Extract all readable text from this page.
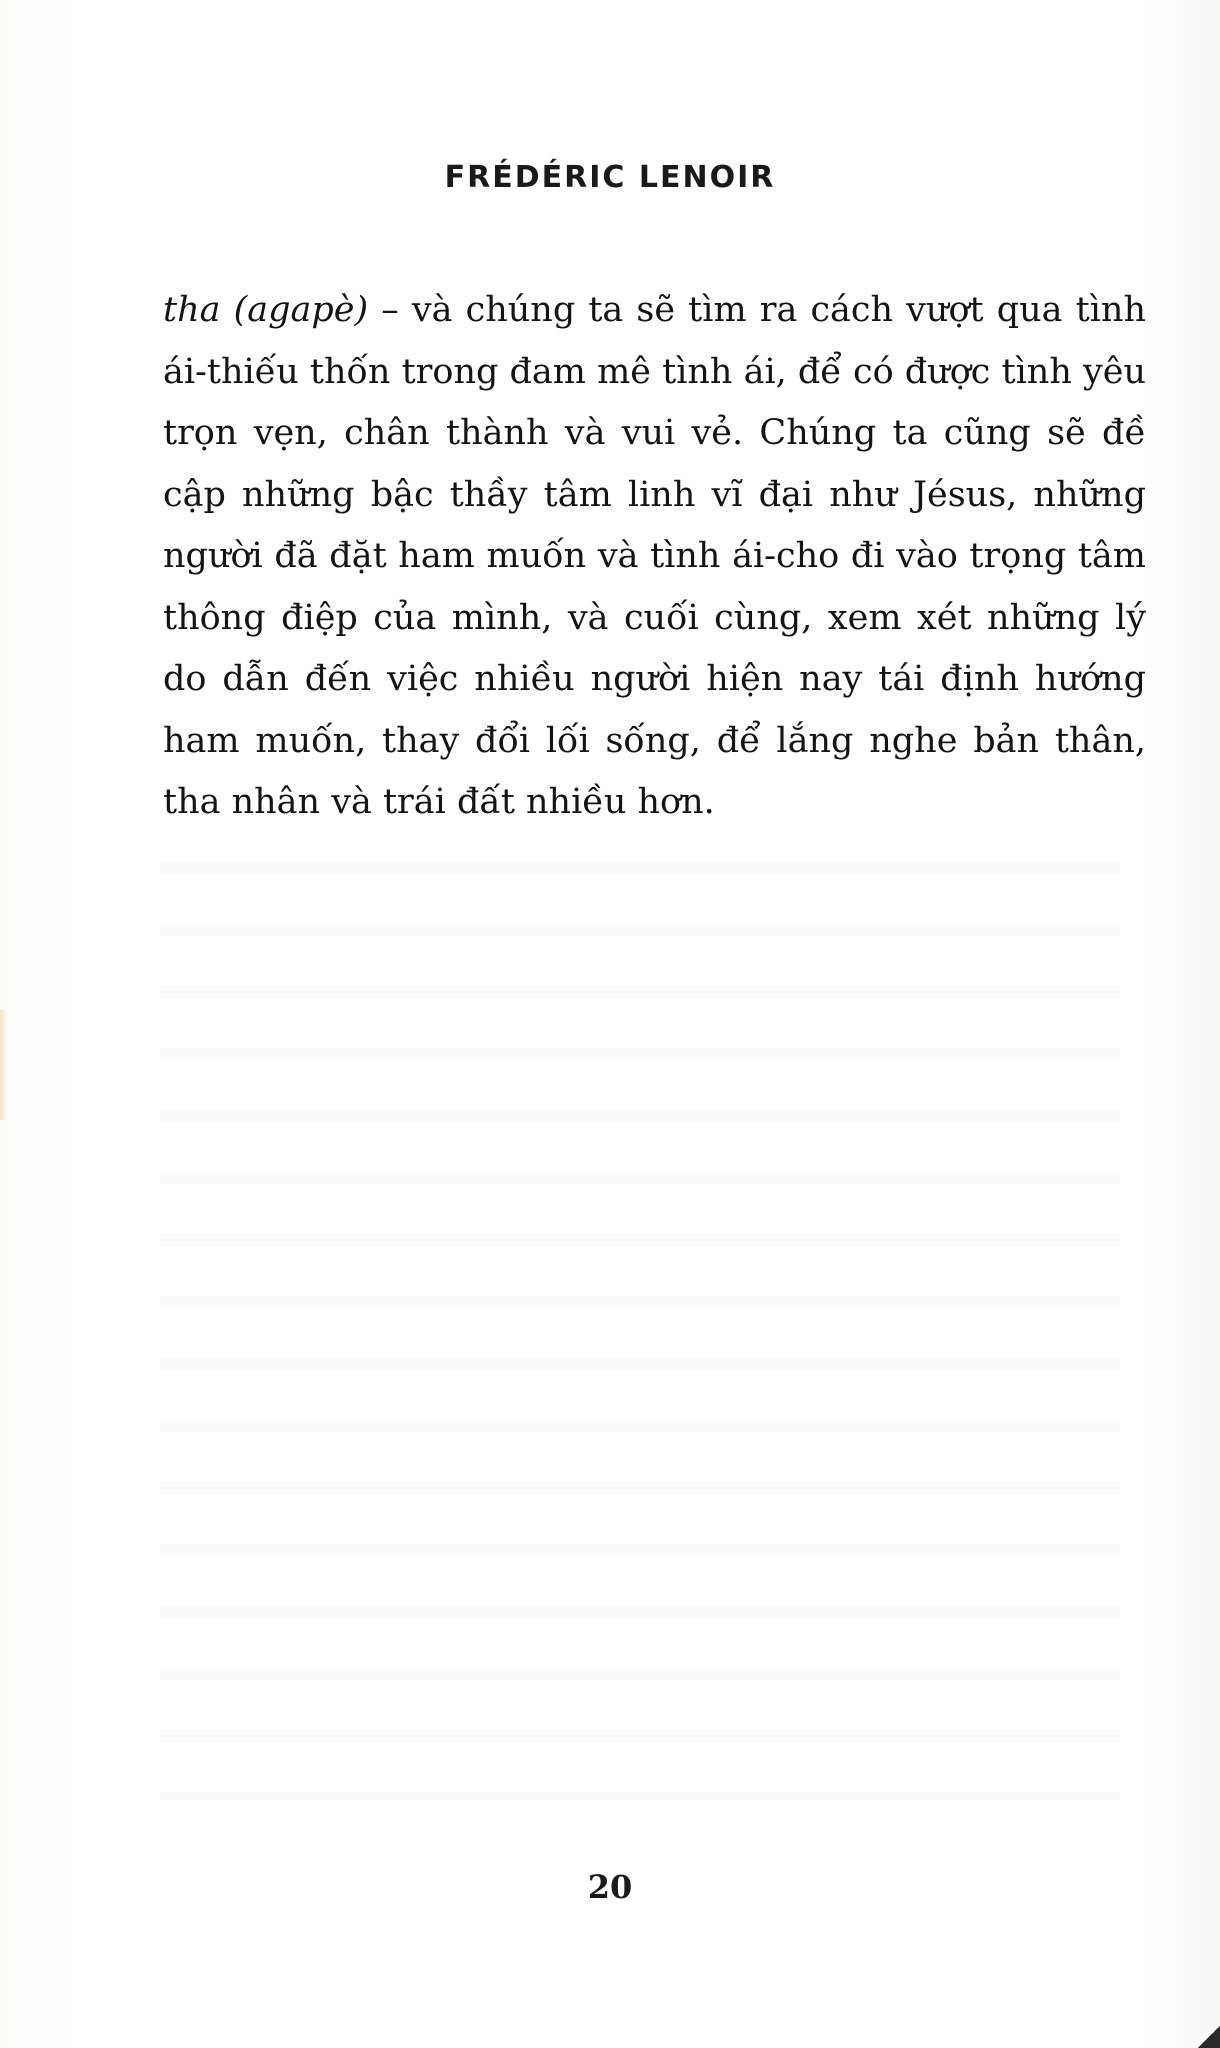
FRÉDÉRIC LENOIR

tha (agapè) – và chúng ta sẽ tìm ra cách vượt qua tình ái-thiếu thốn trong đam mê tình ái, để có được tình yêu trọn vẹn, chân thành và vui vẻ. Chúng ta cũng sẽ đề cập những bậc thầy tâm linh vĩ đại như Jésus, những người đã đặt ham muốn và tình ái-cho đi vào trọng tâm thông điệp của mình, và cuối cùng, xem xét những lý do dẫn đến việc nhiều người hiện nay tái định hướng ham muốn, thay đổi lối sống, để lắng nghe bản thân, tha nhân và trái đất nhiều hơn.

20
